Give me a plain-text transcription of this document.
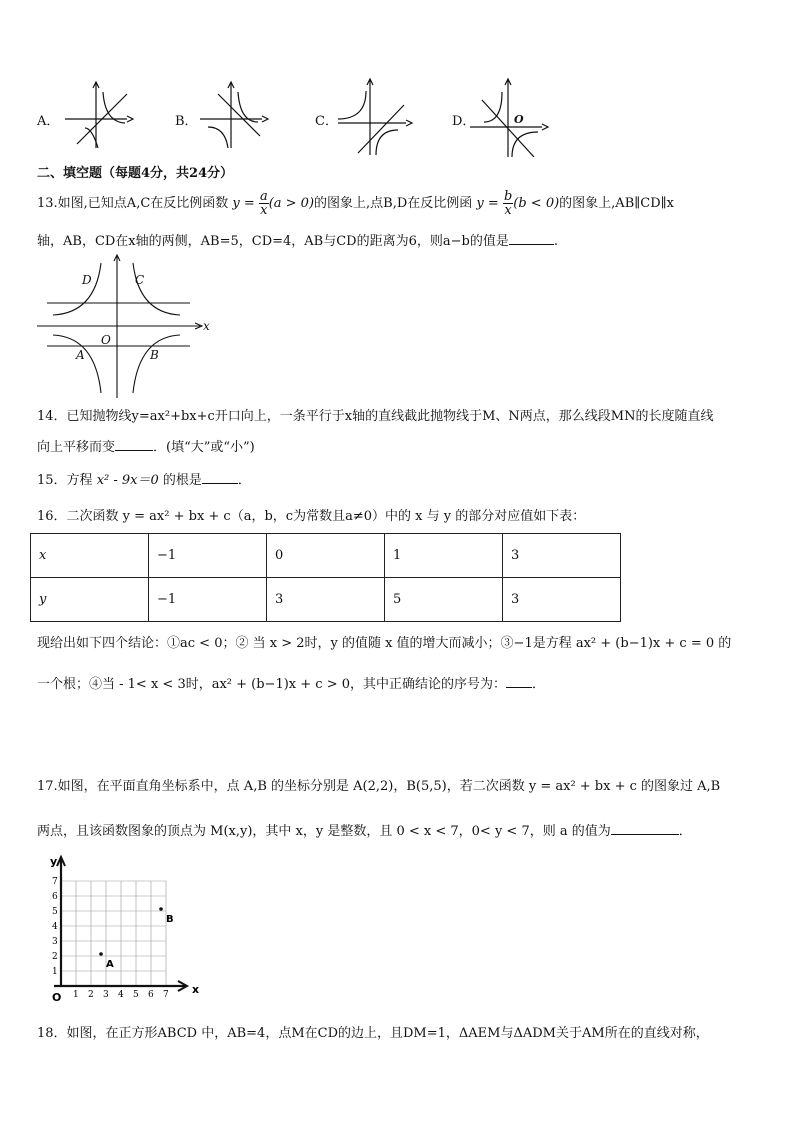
A．	B．	C．	D．	O
二、填空题（每题4分，共24分）
13.如图,已知点A,C在反比例函数 $y = \frac{a}{x} (a > 0)$的图象上,点B,D在反比例函 $y = \frac{b}{x} (b < 0)$的图象上,AB∥CD∥x
轴，AB，CD在x轴的两侧，AB=5，CD=4，AB与CD的距离为6，则a−b的值是	.
D	C
A	B
O
x
14．已知抛物线y=ax²+bx+c开口向上，一条平行于x轴的直线截此抛物线于M、N两点，那么线段MN的长度随直线
向上平移而变	．(填“大”或“小”)
15．方程 x² - 9x＝0 的根是	．
16．二次函数 y = ax² + bx + c（a，b，c为常数且a≠0）中的 x 与 y 的部分对应值如下表：
x	−1	0	1	3
y	−1	3	5	3
现给出如下四个结论：①ac < 0；② 当 x > 2时，y 的值随 x 值的增大而减小；③−1是方程 ax² + (b−1)x + c = 0 的
一个根；④当 - 1< x < 3时，ax² + (b−1)x + c > 0，其中正确结论的序号为： ．
17.如图，在平面直角坐标系中，点 A,B 的坐标分别是 A(2,2)，B(5,5)，若二次函数 y = ax² + bx + c 的图象过 A,B
两点，且该函数图象的顶点为 M(x,y)，其中 x，y 是整数，且 0 < x < 7，0< y < 7，则 a 的值为	．
y
x
O 1
1
2
2
3
3
4
4
5
5
6
6
7
7
A
B
18．如图，在正方形ABCD 中，AB=4，点M在CD的边上，且DM=1，ΔAEM与ΔADM关于AM所在的直线对称，
